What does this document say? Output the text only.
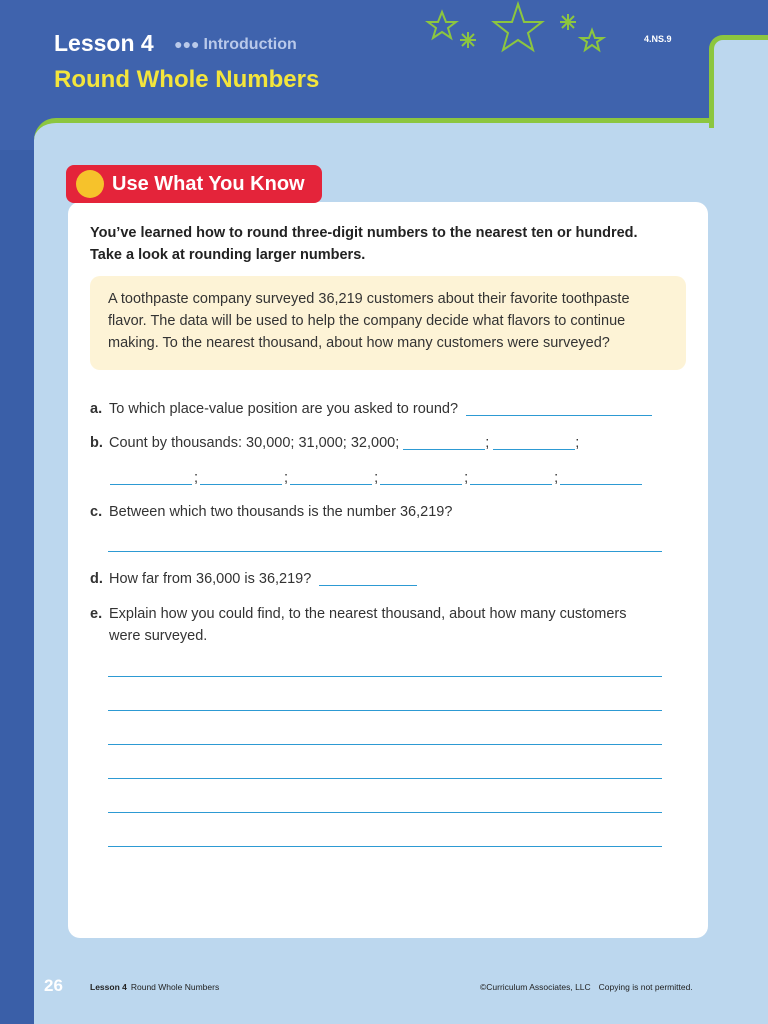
Lesson 4 ●●● Introduction
Round Whole Numbers
4.NS.9
Use What You Know
You’ve learned how to round three-digit numbers to the nearest ten or hundred. Take a look at rounding larger numbers.
A toothpaste company surveyed 36,219 customers about their favorite toothpaste flavor. The data will be used to help the company decide what flavors to continue making. To the nearest thousand, about how many customers were surveyed?
a. To which place-value position are you asked to round?
b. Count by thousands: 30,000; 31,000; 32,000;	;	;
;	;	;	;	;
c. Between which two thousands is the number 36,219?
d. How far from 36,000 is 36,219?
e. Explain how you could find, to the nearest thousand, about how many customers
were surveyed.
26	Lesson 4 Round Whole Numbers	©Curriculum Associates, LLC Copying is not permitted.
